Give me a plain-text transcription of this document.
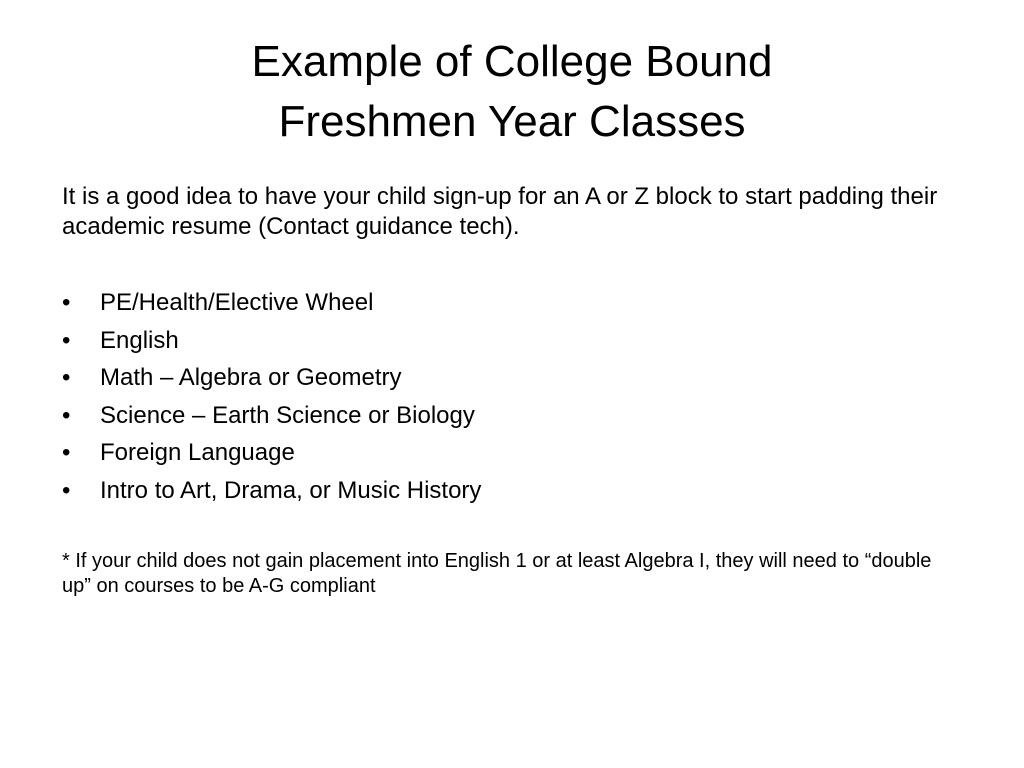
Example of College Bound
Freshmen Year Classes

It is a good idea to have your child sign-up for an A or Z block to start padding their academic resume (Contact guidance tech).

•	PE/Health/Elective Wheel
•	English
•	Math – Algebra or Geometry
•	Science – Earth Science or Biology
•	Foreign Language
•	Intro to Art, Drama, or Music History

* If your child does not gain placement into English 1 or at least Algebra I, they will need to “double up” on courses to be A-G compliant
